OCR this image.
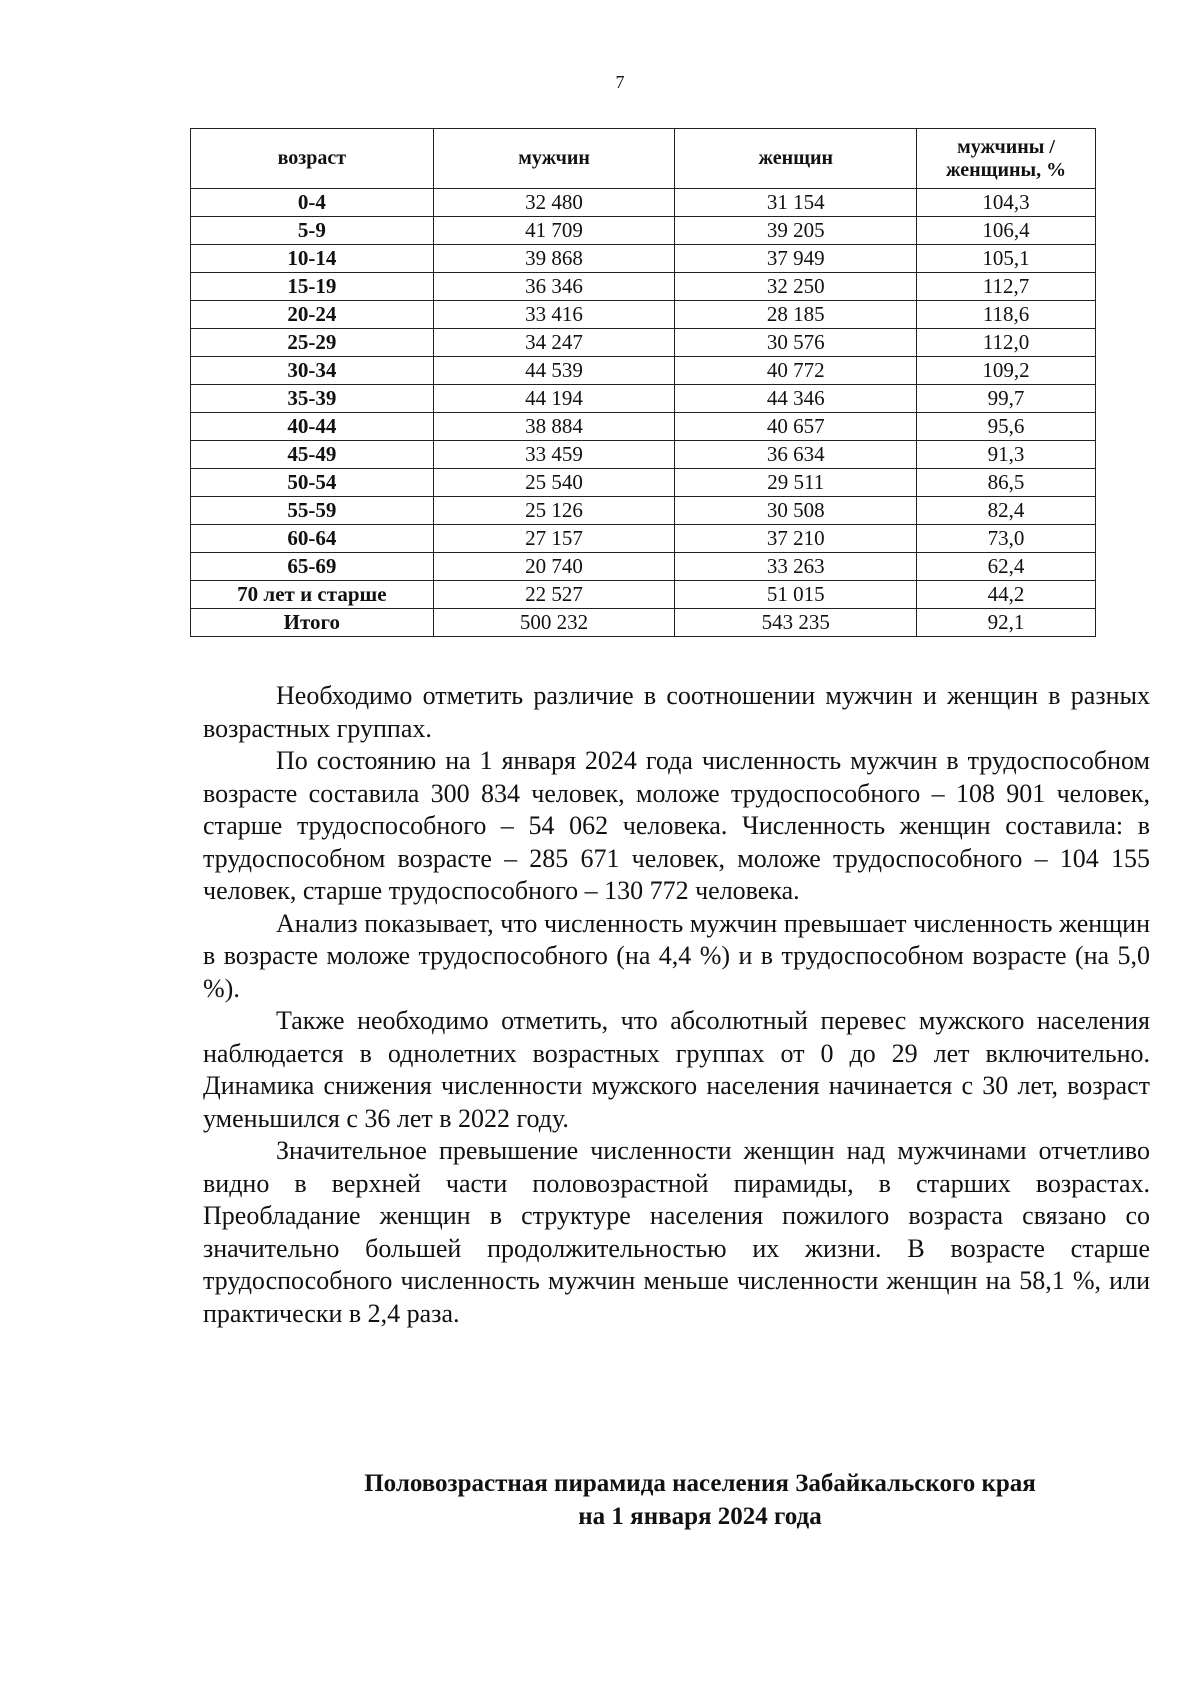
7
возраст	мужчин	женщин	мужчины / женщины, %
0-4	32 480	31 154	104,3
5-9	41 709	39 205	106,4
10-14	39 868	37 949	105,1
15-19	36 346	32 250	112,7
20-24	33 416	28 185	118,6
25-29	34 247	30 576	112,0
30-34	44 539	40 772	109,2
35-39	44 194	44 346	99,7
40-44	38 884	40 657	95,6
45-49	33 459	36 634	91,3
50-54	25 540	29 511	86,5
55-59	25 126	30 508	82,4
60-64	27 157	37 210	73,0
65-69	20 740	33 263	62,4
70 лет и старше	22 527	51 015	44,2
Итого	500 232	543 235	92,1

Необходимо отметить различие в соотношении мужчин и женщин в разных возрастных группах.

По состоянию на 1 января 2024 года численность мужчин в трудоспособном возрасте составила 300 834 человек, моложе трудоспособного – 108 901 человек, старше трудоспособного – 54 062 человека. Численность женщин составила: в трудоспособном возрасте – 285 671 человек, моложе трудоспособного – 104 155 человек, старше трудоспособного – 130 772 человека.

Анализ показывает, что численность мужчин превышает численность женщин в возрасте моложе трудоспособного (на 4,4 %) и в трудоспособном возрасте (на 5,0 %).

Также необходимо отметить, что абсолютный перевес мужского населения наблюдается в однолетних возрастных группах от 0 до 29 лет включительно. Динамика снижения численности мужского населения начинается с 30 лет, возраст уменьшился с 36 лет в 2022 году.

Значительное превышение численности женщин над мужчинами отчетливо видно в верхней части половозрастной пирамиды, в старших возрастах. Преобладание женщин в структуре населения пожилого возраста связано со значительно большей продолжительностью их жизни. В возрасте старше трудоспособного численность мужчин меньше численности женщин на 58,1 %, или практически в 2,4 раза.

Половозрастная пирамида населения Забайкальского края
на 1 января 2024 года
